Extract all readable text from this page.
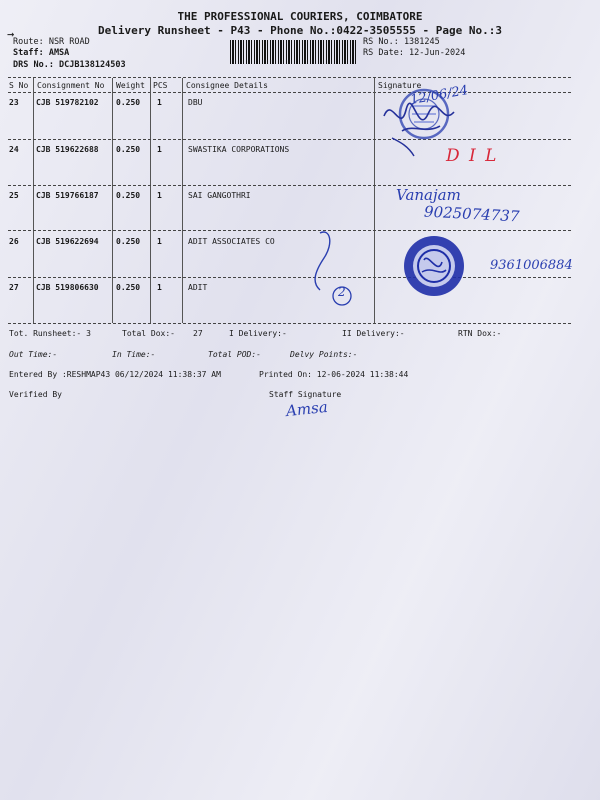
THE PROFESSIONAL COURIERS, COIMBATORE
Delivery Runsheet - P43 - Phone No.:0422-3505555 - Page No.:3
→
Route: NSR ROAD
Staff: AMSA
DRS No.: DCJB138124503
RS No.: 1381245
RS Date: 12-Jun-2024
S No Consignment No Weight PCS Consignee Details	Signature
23 CJB 519782102 0.250 1	DBU
24 CJB 519622688 0.250 1	SWASTIKA CORPORATIONS
25 CJB 519766187 0.250 1	SAI GANGOTHRI
26 CJB 519622694 0.250 1	ADIT ASSOCIATES CO
27 CJB 519806630 0.250 1	ADIT
12/06/24
2
D I L
Vanajam
9025074737
9361006884
Tot. Runsheet:- 3	Total Dox:- 27	I Delivery:-	II Delivery:-	RTN Dox:-
Out Time:-	In Time:-	Total POD:-	Delvy Points:-
Entered By :RESHMAP43 06/12/2024 11:38:37 AM	Printed On: 12-06-2024 11:38:44
Verified By	Staff Signature
Amsa
